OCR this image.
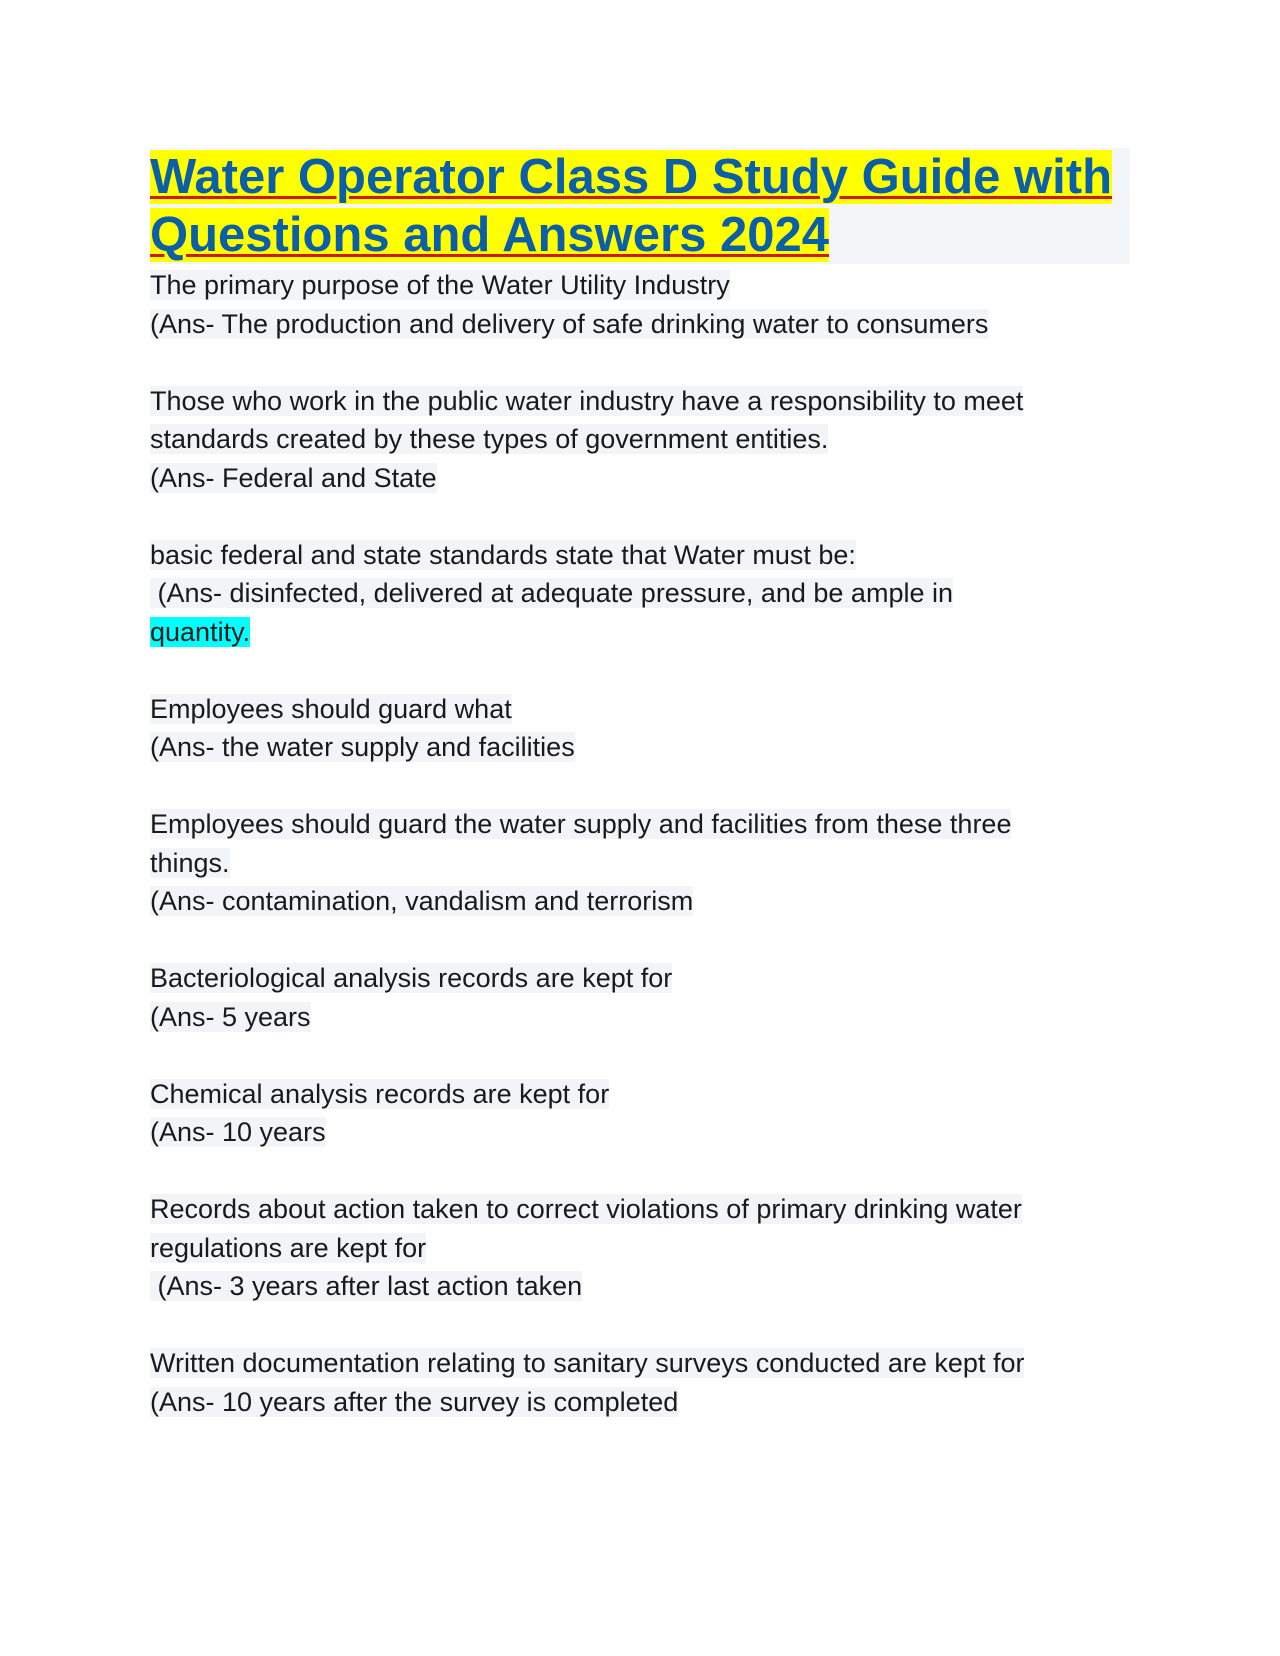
Water Operator Class D Study Guide with Questions and Answers 2024
The primary purpose of the Water Utility Industry
(Ans- The production and delivery of safe drinking water to consumers
Those who work in the public water industry have a responsibility to meet
standards created by these types of government entities.
(Ans- Federal and State
basic federal and state standards state that Water must be:
(Ans- disinfected, delivered at adequate pressure, and be ample in
quantity.
Employees should guard what
(Ans- the water supply and facilities
Employees should guard the water supply and facilities from these three
things.
(Ans- contamination, vandalism and terrorism
Bacteriological analysis records are kept for
(Ans- 5 years
Chemical analysis records are kept for
(Ans- 10 years
Records about action taken to correct violations of primary drinking water
regulations are kept for
(Ans- 3 years after last action taken
Written documentation relating to sanitary surveys conducted are kept for
(Ans- 10 years after the survey is completed
